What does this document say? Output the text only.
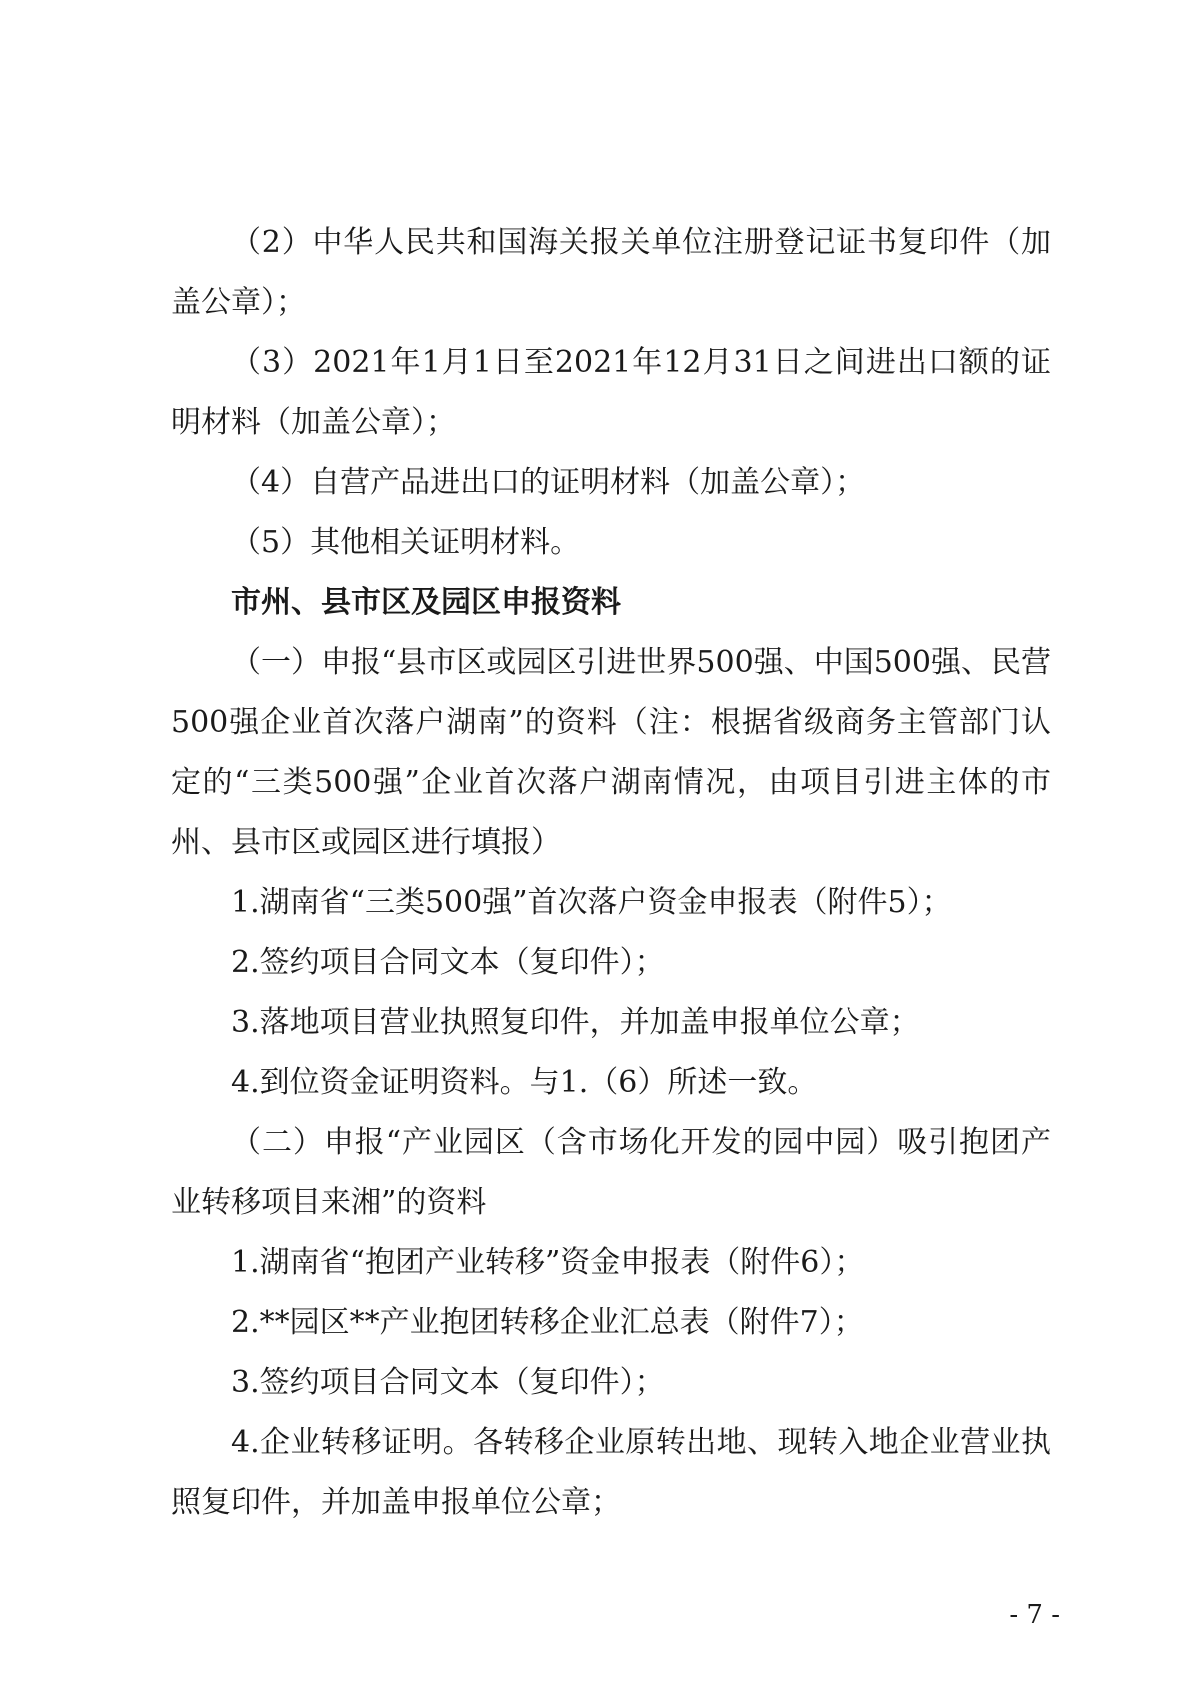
（2）中华人民共和国海关报关单位注册登记证书复印件（加盖公章）；

（3）2021年1月1日至2021年12月31日之间进出口额的证明材料（加盖公章）；

（4）自营产品进出口的证明材料（加盖公章）；

（5）其他相关证明材料。

市州、县市区及园区申报资料

（一）申报“县市区或园区引进世界500强、中国500强、民营500强企业首次落户湖南”的资料（注：根据省级商务主管部门认定的“三类500强”企业首次落户湖南情况，由项目引进主体的市州、县市区或园区进行填报）

1.湖南省“三类500强”首次落户资金申报表（附件5）；

2.签约项目合同文本（复印件）；

3.落地项目营业执照复印件，并加盖申报单位公章；

4.到位资金证明资料。与1.（6）所述一致。

（二）申报“产业园区（含市场化开发的园中园）吸引抱团产业转移项目来湘”的资料

1.湖南省“抱团产业转移”资金申报表（附件6）；

2.**园区**产业抱团转移企业汇总表（附件7）；

3.签约项目合同文本（复印件）；

4.企业转移证明。各转移企业原转出地、现转入地企业营业执照复印件，并加盖申报单位公章；

- 7 -
